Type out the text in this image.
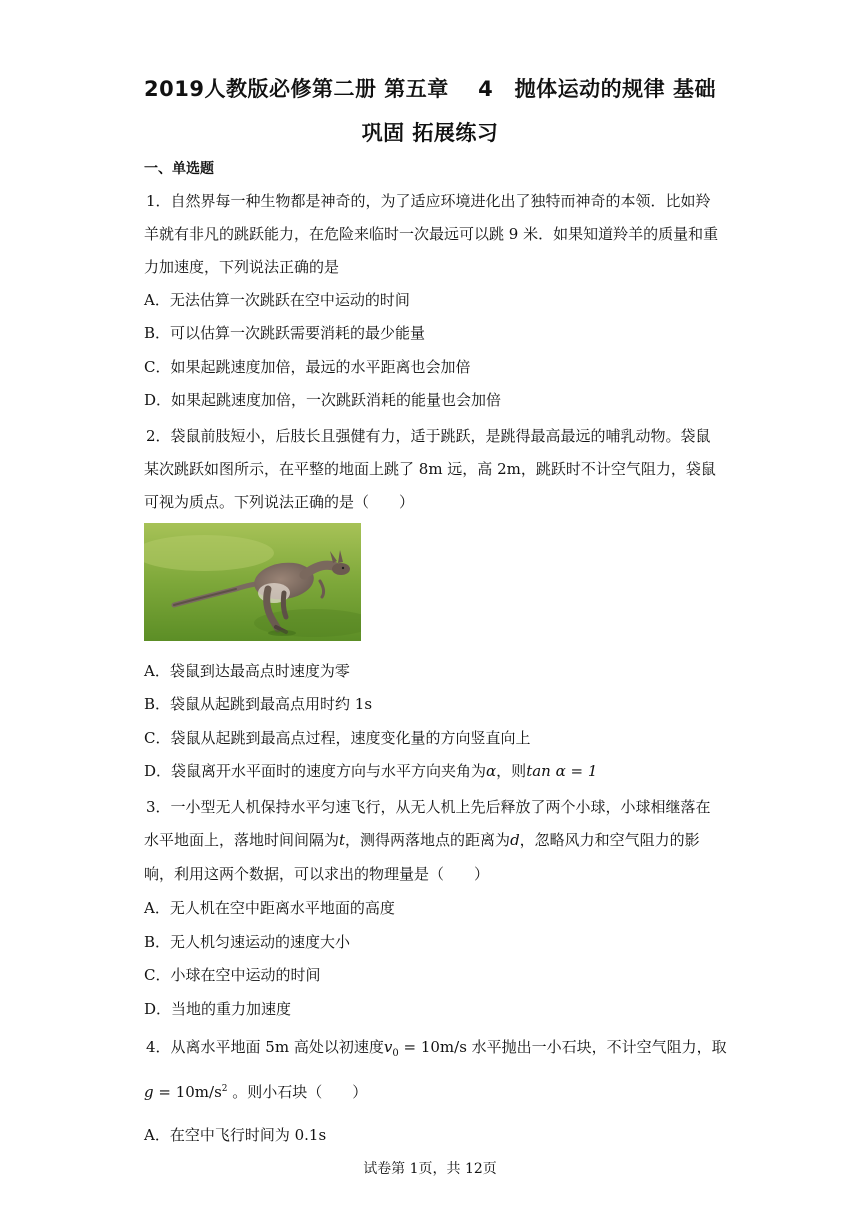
2019人教版必修第二册 第五章　 4　抛体运动的规律 基础
巩固 拓展练习
一、单选题
1．自然界每一种生物都是神奇的，为了适应环境进化出了独特而神奇的本领．比如羚
羊就有非凡的跳跃能力，在危险来临时一次最远可以跳 9 米．如果知道羚羊的质量和重
力加速度，下列说法正确的是
A．无法估算一次跳跃在空中运动的时间
B．可以估算一次跳跃需要消耗的最少能量
C．如果起跳速度加倍，最远的水平距离也会加倍
D．如果起跳速度加倍，一次跳跃消耗的能量也会加倍
2．袋鼠前肢短小，后肢长且强健有力，适于跳跃，是跳得最高最远的哺乳动物。袋鼠
某次跳跃如图所示，在平整的地面上跳了 8m 远，高 2m，跳跃时不计空气阻力，袋鼠
可视为质点。下列说法正确的是（　　）
A．袋鼠到达最高点时速度为零
B．袋鼠从起跳到最高点用时约 1s
C．袋鼠从起跳到最高点过程，速度变化量的方向竖直向上
D．袋鼠离开水平面时的速度方向与水平方向夹角为α，则tan α = 1
3．一小型无人机保持水平匀速飞行，从无人机上先后释放了两个小球，小球相继落在
水平地面上，落地时间间隔为t，测得两落地点的距离为d，忽略风力和空气阻力的影
响，利用这两个数据，可以求出的物理量是（　　）
A．无人机在空中距离水平地面的高度
B．无人机匀速运动的速度大小
C．小球在空中运动的时间
D．当地的重力加速度
4．从离水平地面 5m 高处以初速度$v_0 = 10m/s$ 水平抛出一小石块，不计空气阻力，取
$g = 10m/s^2$ 。则小石块（　　）
A．在空中飞行时间为 0.1s
试卷第 1页，共 12页
